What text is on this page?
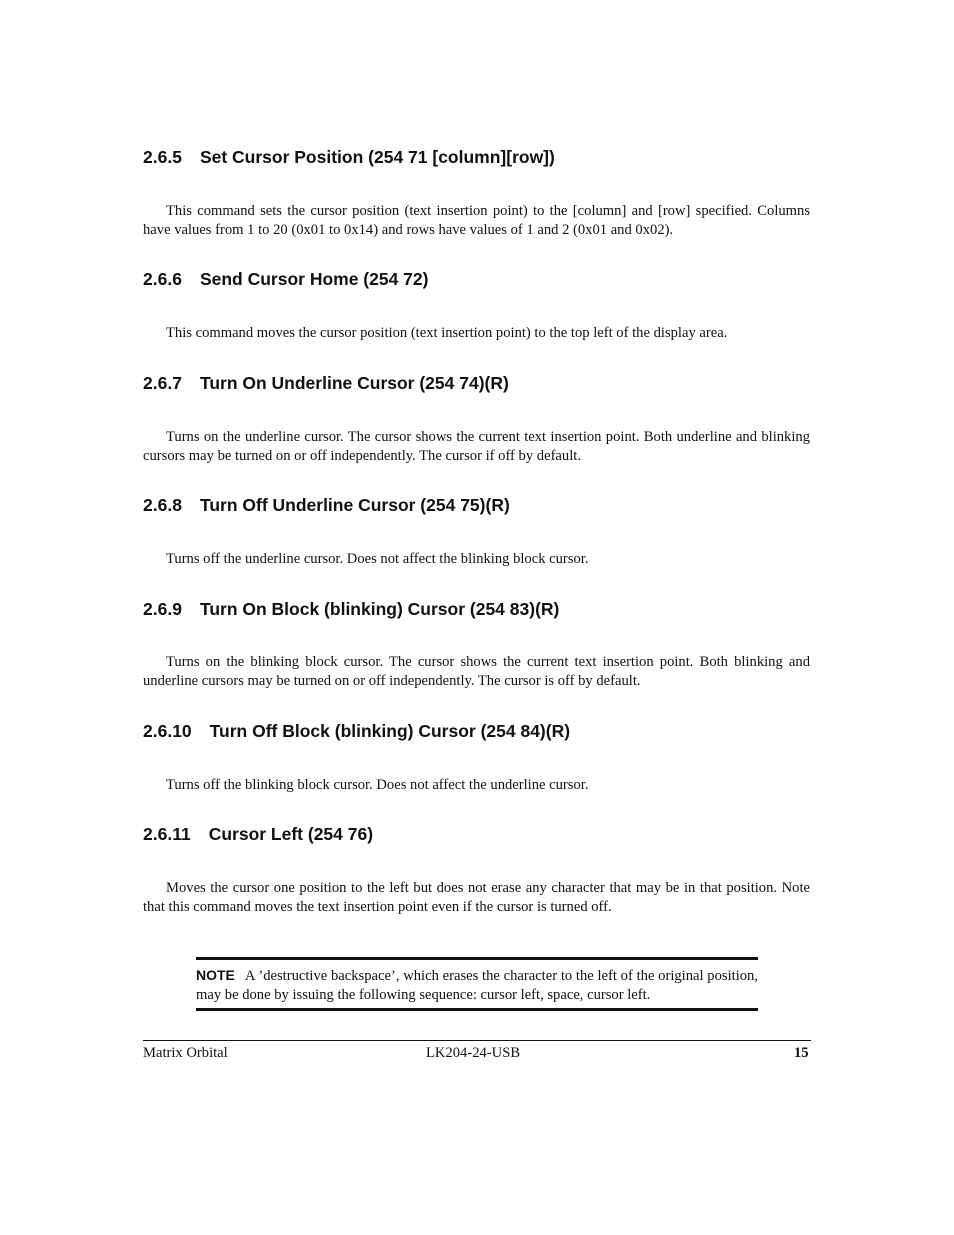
2.6.5 Set Cursor Position (254 71 [column][row])
This command sets the cursor position (text insertion point) to the [column] and [row] specified. Columns have values from 1 to 20 (0x01 to 0x14) and rows have values of 1 and 2 (0x01 and 0x02).
2.6.6 Send Cursor Home (254 72)
This command moves the cursor position (text insertion point) to the top left of the display area.
2.6.7 Turn On Underline Cursor (254 74)(R)
Turns on the underline cursor. The cursor shows the current text insertion point. Both underline and blinking cursors may be turned on or off independently. The cursor if off by default.
2.6.8 Turn Off Underline Cursor (254 75)(R)
Turns off the underline cursor. Does not affect the blinking block cursor.
2.6.9 Turn On Block (blinking) Cursor (254 83)(R)
Turns on the blinking block cursor. The cursor shows the current text insertion point. Both blinking and underline cursors may be turned on or off independently. The cursor is off by default.
2.6.10 Turn Off Block (blinking) Cursor (254 84)(R)
Turns off the blinking block cursor. Does not affect the underline cursor.
2.6.11 Cursor Left (254 76)
Moves the cursor one position to the left but does not erase any character that may be in that position. Note that this command moves the text insertion point even if the cursor is turned off.
NOTE A ’destructive backspace’, which erases the character to the left of the original position, may be done by issuing the following sequence: cursor left, space, cursor left.
Matrix Orbital	LK204-24-USB	15
